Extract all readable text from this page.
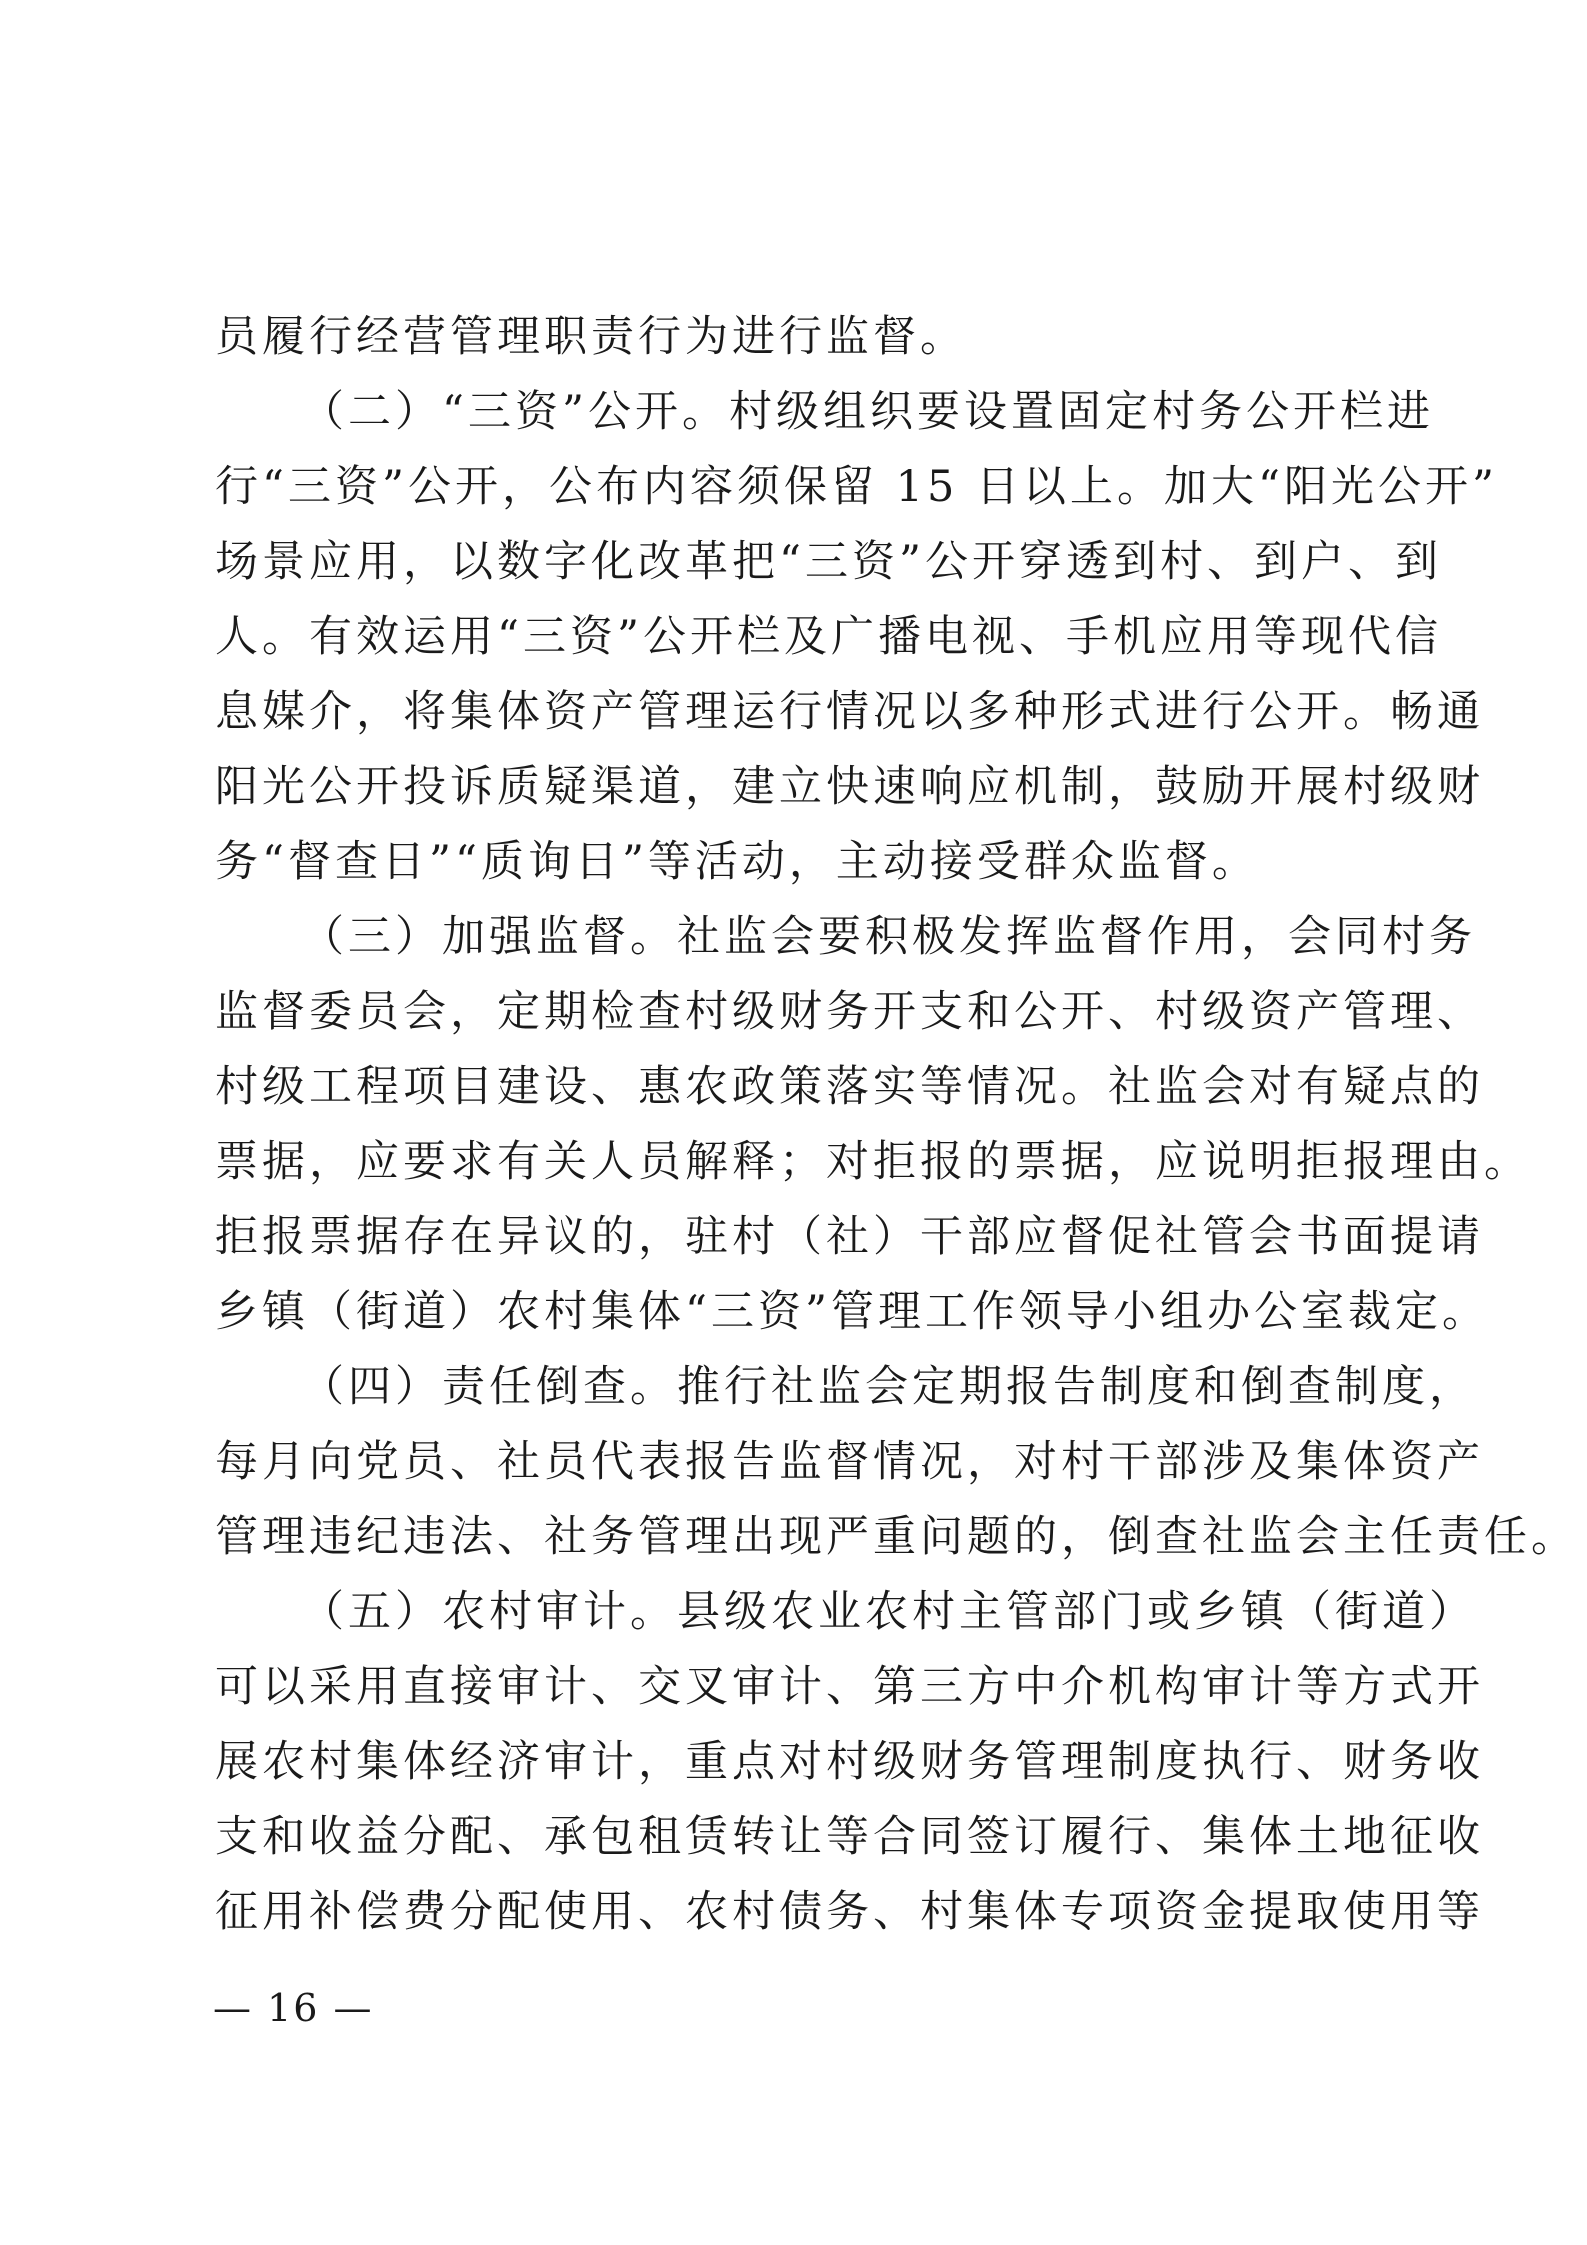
员履行经营管理职责行为进行监督。
（二）“三资”公开。村级组织要设置固定村务公开栏进
行“三资”公开，公布内容须保留 15 日以上。加大“阳光公开”
场景应用，以数字化改革把“三资”公开穿透到村、到户、到
人。有效运用“三资”公开栏及广播电视、手机应用等现代信
息媒介，将集体资产管理运行情况以多种形式进行公开。畅通
阳光公开投诉质疑渠道，建立快速响应机制，鼓励开展村级财
务“督查日”“质询日”等活动，主动接受群众监督。
（三）加强监督。社监会要积极发挥监督作用，会同村务
监督委员会，定期检查村级财务开支和公开、村级资产管理、
村级工程项目建设、惠农政策落实等情况。社监会对有疑点的
票据，应要求有关人员解释；对拒报的票据，应说明拒报理由。
拒报票据存在异议的，驻村（社）干部应督促社管会书面提请
乡镇（街道）农村集体“三资”管理工作领导小组办公室裁定。
（四）责任倒查。推行社监会定期报告制度和倒查制度，
每月向党员、社员代表报告监督情况，对村干部涉及集体资产
管理违纪违法、社务管理出现严重问题的，倒查社监会主任责任。
（五）农村审计。县级农业农村主管部门或乡镇（街道）
可以采用直接审计、交叉审计、第三方中介机构审计等方式开
展农村集体经济审计，重点对村级财务管理制度执行、财务收
支和收益分配、承包租赁转让等合同签订履行、集体土地征收
征用补偿费分配使用、农村债务、村集体专项资金提取使用等
— 16 —
